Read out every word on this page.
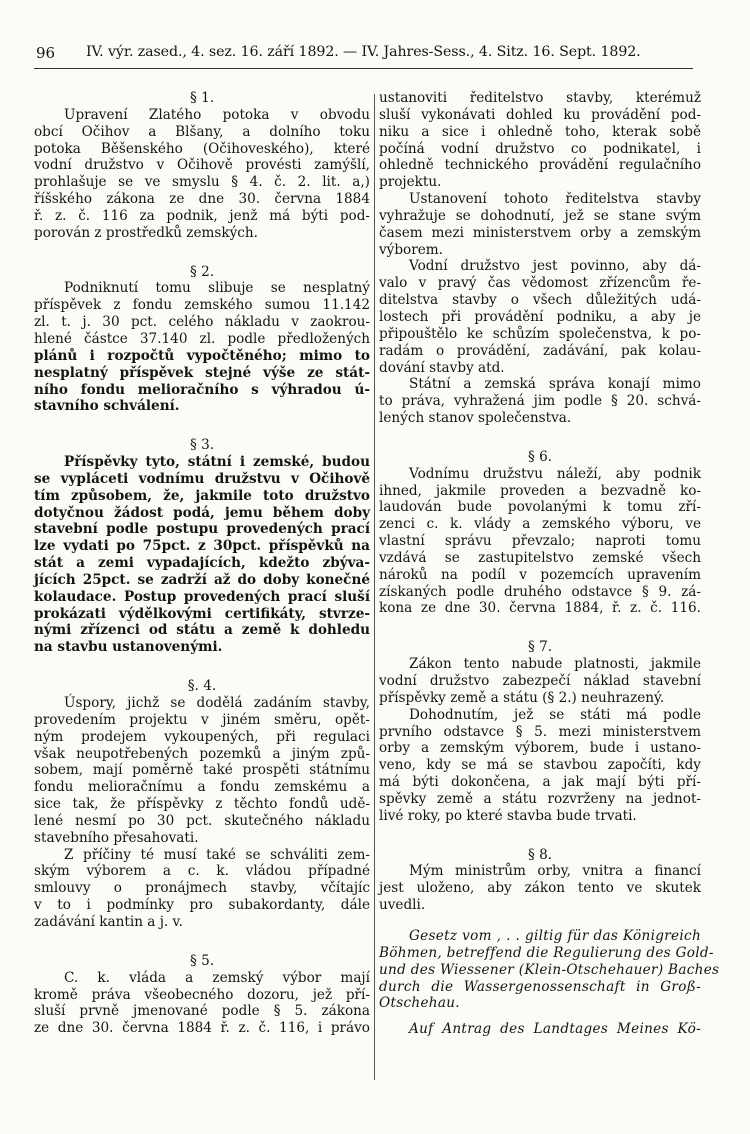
96 IV. výr. zased., 4. sez. 16. září 1892. — IV. Jahres-Sess., 4. Sitz. 16. Sept. 1892.
§ 1.
Upravení Zlatého potoka v obvodu
obcí Očihov a Blšany, a dolního toku
potoka Běšenského (Očihoveského), které
vodní družstvo v Očihově provésti zamýšlí,
prohlašuje se ve smyslu § 4. č. 2. lit. a,)
říšského zákona ze dne 30. června 1884
ř. z. č. 116 za podnik, jenž má býti pod-
porován z prostředků zemských.
§ 2.
Podniknutí tomu slibuje se nesplatný
příspěvek z fondu zemského sumou 11.142
zl. t. j. 30 pct. celého nákladu v zaokrou-
hlené částce 37.140 zl. podle předložených
plánů i rozpočtů vypočtěného; mimo to
nesplatný příspěvek stejné výše ze stát-
ního fondu melioračního s výhradou ú-
stavního schválení.
§ 3.
Příspěvky tyto, státní i zemské, budou
se vypláceti vodnímu družstvu v Očihově
tím způsobem, že, jakmile toto družstvo
dotyčnou žádost podá, jemu během doby
stavební podle postupu provedených prací
lze vydati po 75pct. z 30pct. příspěvků na
stát a zemi vypadajících, kdežto zbýva-
jících 25pct. se zadrží až do doby konečné
kolaudace. Postup provedených prací sluší
prokázati výdělkovými certifikáty, stvrze-
nými zřízenci od státu a země k dohledu
na stavbu ustanovenými.
§. 4.
Úspory, jichž se dodělá zadáním stavby,
provedením projektu v jiném směru, opět-
ným prodejem vykoupených, při regulaci
však neupotřebených pozemků a jiným způ-
sobem, mají poměrně také prospěti státnímu
fondu melioračnímu a fondu zemskému a
sice tak, že příspěvky z těchto fondů udě-
lené nesmí po 30 pct. skutečného nákladu
stavebního přesahovati.
Z příčiny té musí také se schváliti zem-
ským výborem a c. k. vládou případné
smlouvy o pronájmech stavby, včítajíc
v to i podmínky pro subakordanty, dále
zadávání kantin a j. v.
§ 5.
C. k. vláda a zemský výbor mají
kromě práva všeobecného dozoru, jež pří-
sluší prvně jmenované podle § 5. zákona
ze dne 30. června 1884 ř. z. č. 116, i právo
ustanoviti ředitelstvo stavby, kterémuž
sluší vykonávati dohled ku provádění pod-
niku a sice i ohledně toho, kterak sobě
počíná vodní družstvo co podnikatel, i
ohledně technického provádění regulačního
projektu.
Ustanovení tohoto ředitelstva stavby
vyhražuje se dohodnutí, jež se stane svým
časem mezi ministerstvem orby a zemským
výborem.
Vodní družstvo jest povinno, aby dá-
valo v pravý čas vědomost zřízencům ře-
ditelstva stavby o všech důležitých udá-
lostech při provádění podniku, a aby je
připouštělo ke schůzím společenstva, k po-
radám o provádění, zadávání, pak kolau-
dování stavby atd.
Státní a zemská správa konají mimo
to práva, vyhražená jim podle § 20. schvá-
lených stanov společenstva.
§ 6.
Vodnímu družstvu náleží, aby podnik
ihned, jakmile proveden a bezvadně ko-
laudován bude povolanými k tomu zří-
zenci c. k. vlády a zemského výboru, ve
vlastní správu převzalo; naproti tomu
vzdává se zastupitelstvo zemské všech
nároků na podíl v pozemcích upravením
získaných podle druhého odstavce § 9. zá-
kona ze dne 30. června 1884, ř. z. č. 116.
§ 7.
Zákon tento nabude platnosti, jakmile
vodní družstvo zabezpečí náklad stavební
příspěvky země a státu (§ 2.) neuhrazený.
Dohodnutím, jež se státi má podle
prvního odstavce § 5. mezi ministerstvem
orby a zemským výborem, bude i ustano-
veno, kdy se má se stavbou započíti, kdy
má býti dokončena, a jak mají býti pří-
spěvky země a státu rozvrženy na jednot-
livé roky, po které stavba bude trvati.
§ 8.
Mým ministrům orby, vnitra a financí
jest uloženo, aby zákon tento ve skutek
uvedli.
Gesetz vom , . . giltig für das Königreich
Böhmen, betreffend die Regulierung des Gold-
und des Wiessener (Klein-Otschehauer) Baches
durch die Wassergenossenschaft in Groß-
Otschehau.
Auf Antrag des Landtages Meines Kö-
